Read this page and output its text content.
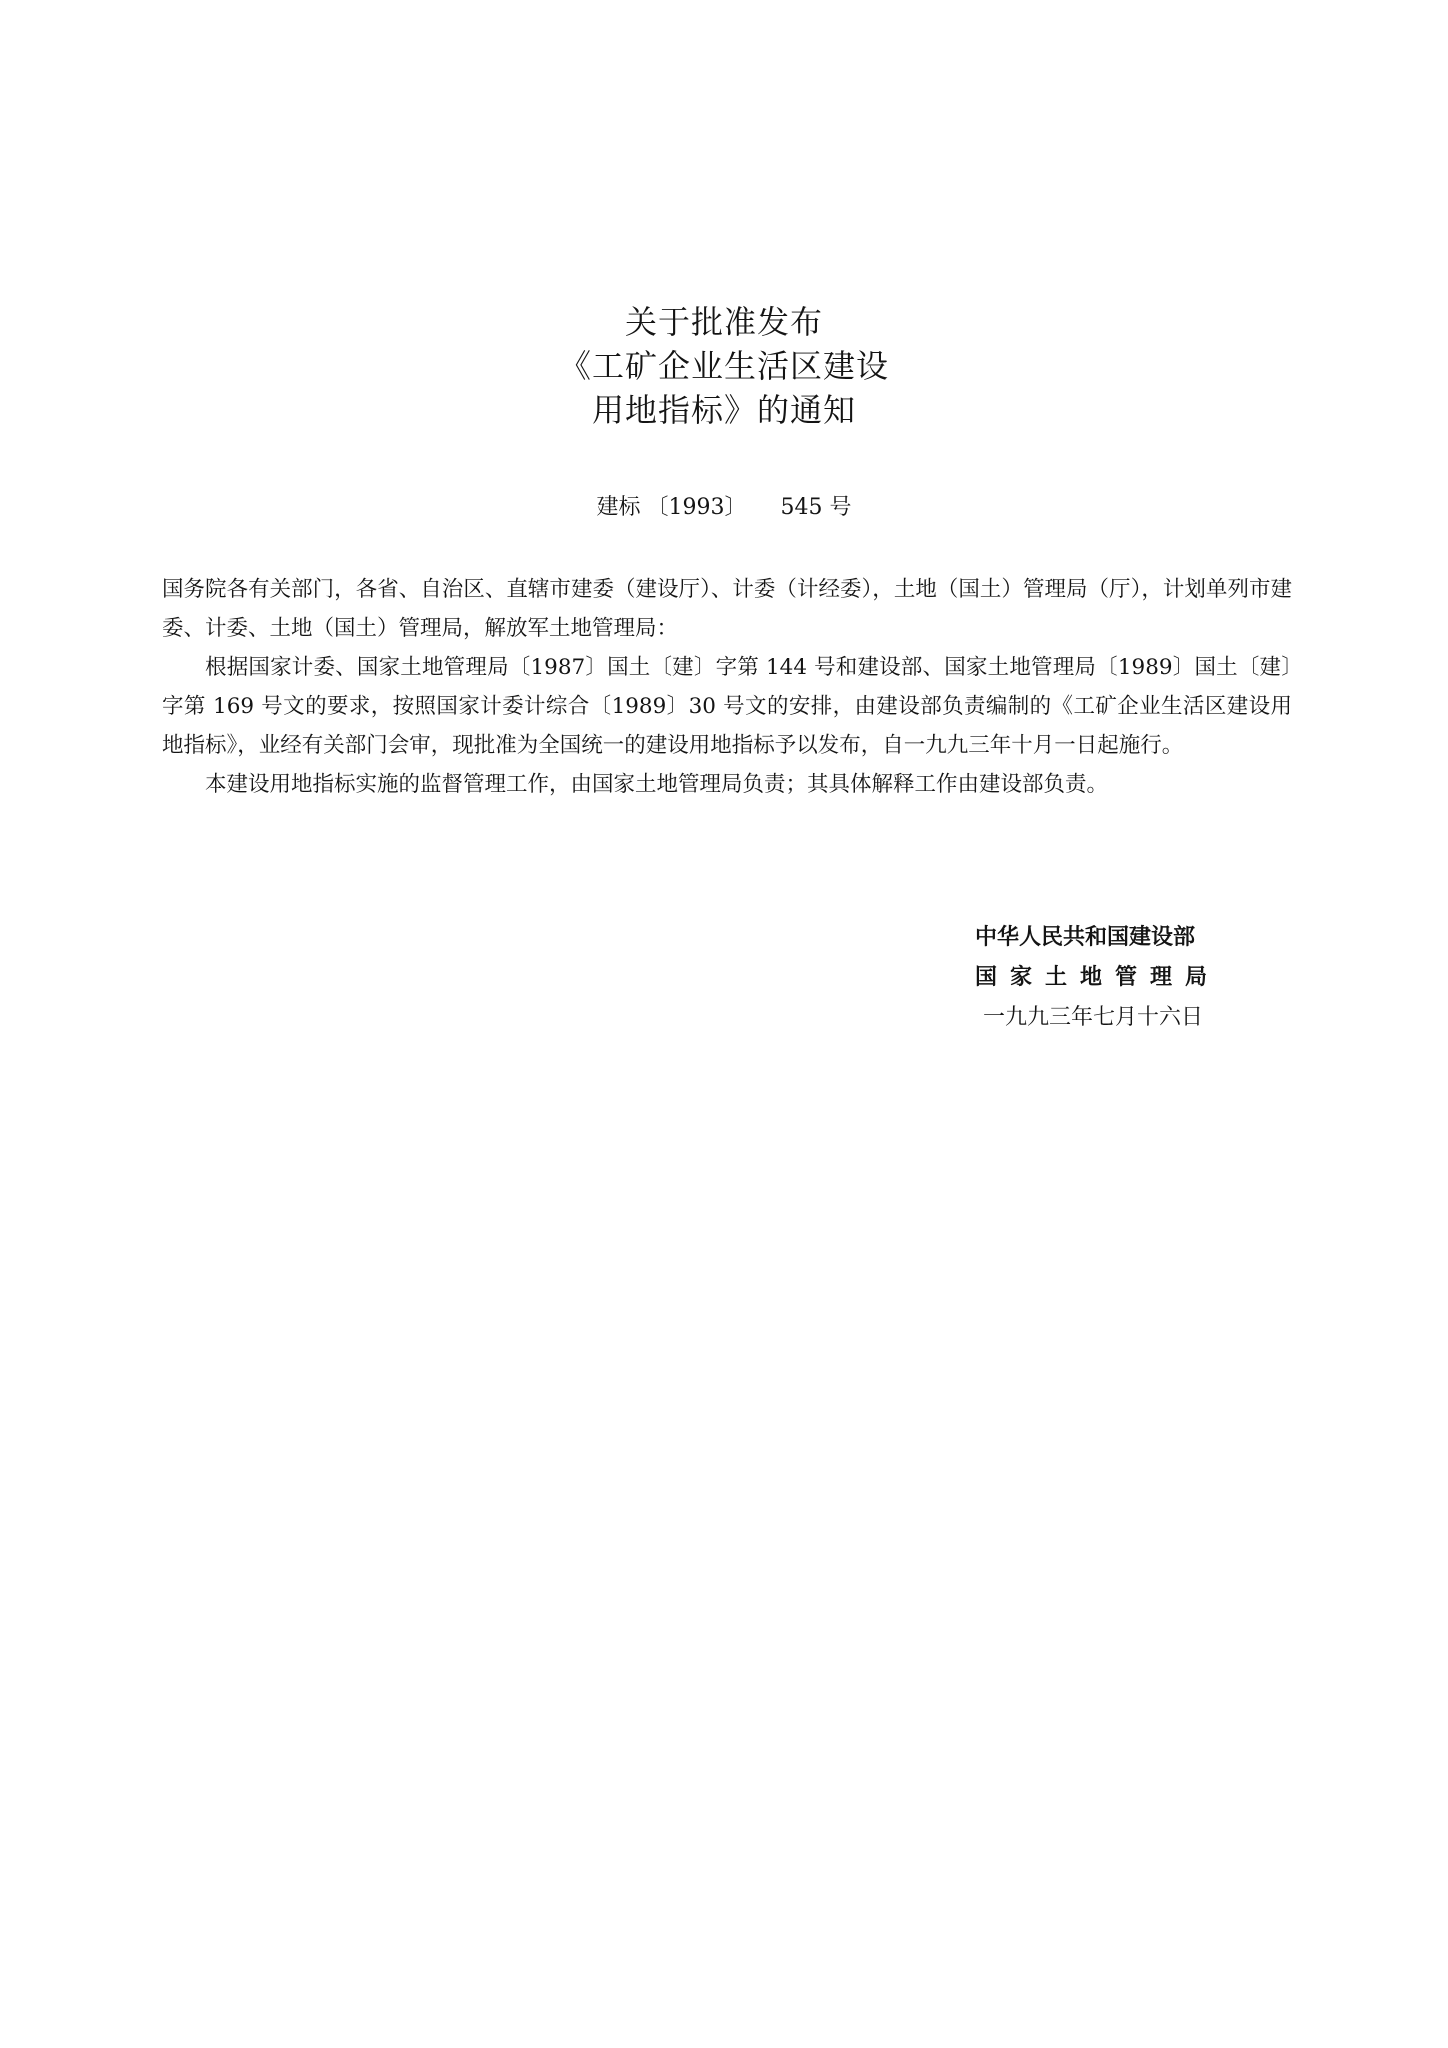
关于批准发布
《工矿企业生活区建设
用地指标》的通知
建标 〔1993〕 545 号

国务院各有关部门，各省、自治区、直辖市建委（建设厅）、计委（计经委），土地（国土）管理局（厅），计划单列市建委、计委、土地（国土）管理局，解放军土地管理局：

根据国家计委、国家土地管理局〔1987〕国土〔建〕字第 144 号和建设部、国家土地管理局〔1989〕国土〔建〕字第 169 号文的要求，按照国家计委计综合〔1989〕30 号文的安排，由建设部负责编制的《工矿企业生活区建设用地指标》，业经有关部门会审，现批准为全国统一的建设用地指标予以发布，自一九九三年十月一日起施行。

本建设用地指标实施的监督管理工作，由国家土地管理局负责；其具体解释工作由建设部负责。

中华人民共和国建设部
国家土地管理局
一九九三年七月十六日
